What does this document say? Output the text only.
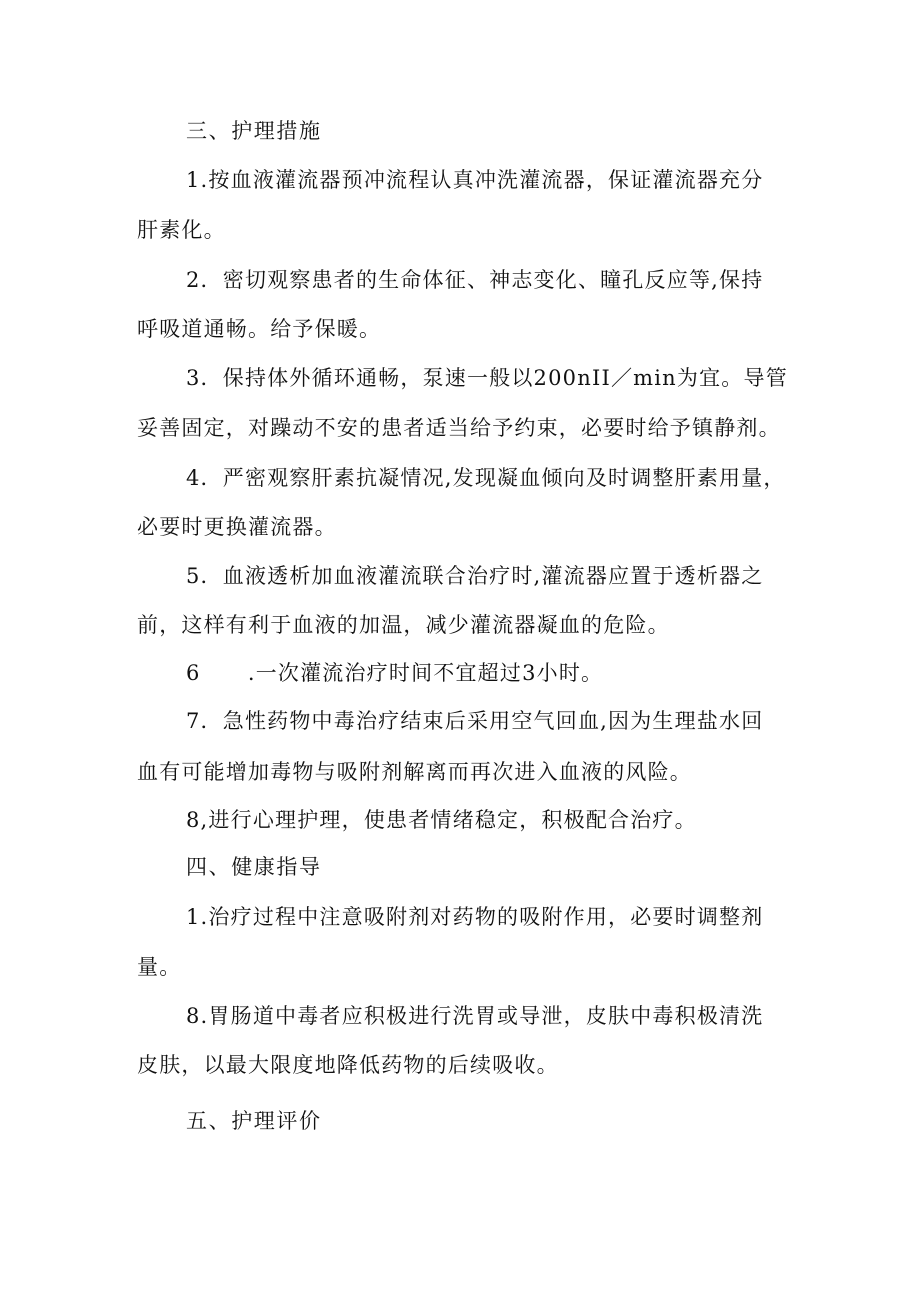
三、护理措施
1.按血液灌流器预冲流程认真冲洗灌流器，保证灌流器充分
肝素化。
2．密切观察患者的生命体征、神志变化、瞳孔反应等,保持
呼吸道通畅。给予保暖。
3．保持体外循环通畅，泵速一般以200nII／min为宜。导管
妥善固定，对躁动不安的患者适当给予约束，必要时给予镇静剂。
4．严密观察肝素抗凝情况,发现凝血倾向及时调整肝素用量，
必要时更换灌流器。
5．血液透析加血液灌流联合治疗时,灌流器应置于透析器之
前，这样有利于血液的加温，减少灌流器凝血的危险。
6      .一次灌流治疗时间不宜超过3小时。
7．急性药物中毒治疗结束后采用空气回血,因为生理盐水回
血有可能增加毒物与吸附剂解离而再次进入血液的风险。
8,进行心理护理，使患者情绪稳定，积极配合治疗。
四、健康指导
1.治疗过程中注意吸附剂对药物的吸附作用，必要时调整剂
量。
8.胃肠道中毒者应积极进行洗胃或导泄，皮肤中毒积极清洗
皮肤，以最大限度地降低药物的后续吸收。
五、护理评价
